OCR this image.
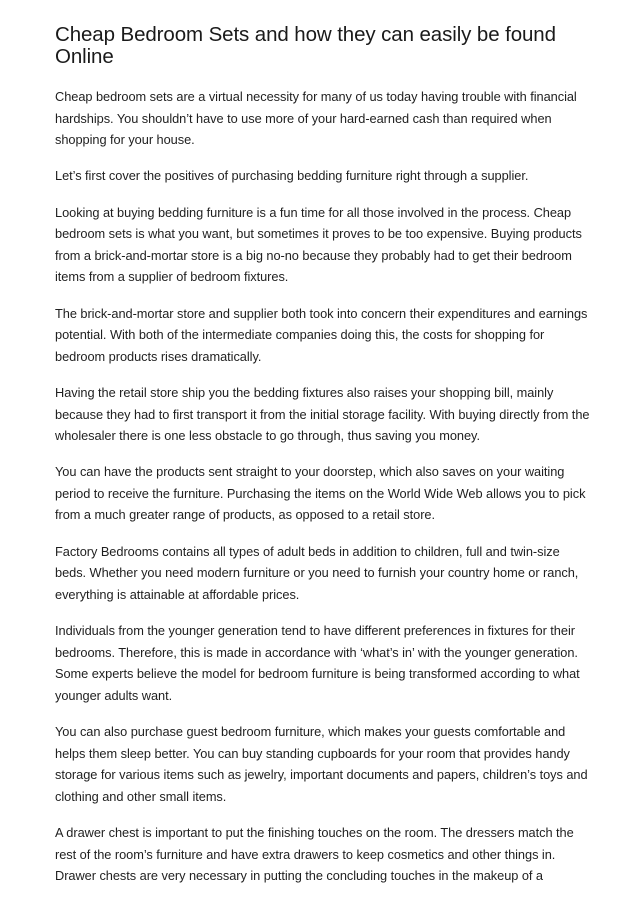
Cheap Bedroom Sets and how they can easily be found Online

Cheap bedroom sets are a virtual necessity for many of us today having trouble with financial hardships. You shouldn’t have to use more of your hard-earned cash than required when shopping for your house.

Let’s first cover the positives of purchasing bedding furniture right through a supplier.

Looking at buying bedding furniture is a fun time for all those involved in the process. Cheap bedroom sets is what you want, but sometimes it proves to be too expensive. Buying products from a brick-and-mortar store is a big no-no because they probably had to get their bedroom items from a supplier of bedroom fixtures.

The brick-and-mortar store and supplier both took into concern their expenditures and earnings potential. With both of the intermediate companies doing this, the costs for shopping for bedroom products rises dramatically.

Having the retail store ship you the bedding fixtures also raises your shopping bill, mainly because they had to first transport it from the initial storage facility. With buying directly from the wholesaler there is one less obstacle to go through, thus saving you money.

You can have the products sent straight to your doorstep, which also saves on your waiting period to receive the furniture. Purchasing the items on the World Wide Web allows you to pick from a much greater range of products, as opposed to a retail store.

Factory Bedrooms contains all types of adult beds in addition to children, full and twin-size beds. Whether you need modern furniture or you need to furnish your country home or ranch, everything is attainable at affordable prices.

Individuals from the younger generation tend to have different preferences in fixtures for their bedrooms. Therefore, this is made in accordance with ‘what’s in’ with the younger generation. Some experts believe the model for bedroom furniture is being transformed according to what younger adults want.

You can also purchase guest bedroom furniture, which makes your guests comfortable and helps them sleep better. You can buy standing cupboards for your room that provides handy storage for various items such as jewelry, important documents and papers, children’s toys and clothing and other small items.

A drawer chest is important to put the finishing touches on the room. The dressers match the rest of the room’s furniture and have extra drawers to keep cosmetics and other things in. Drawer chests are very necessary in putting the concluding touches in the makeup of a
